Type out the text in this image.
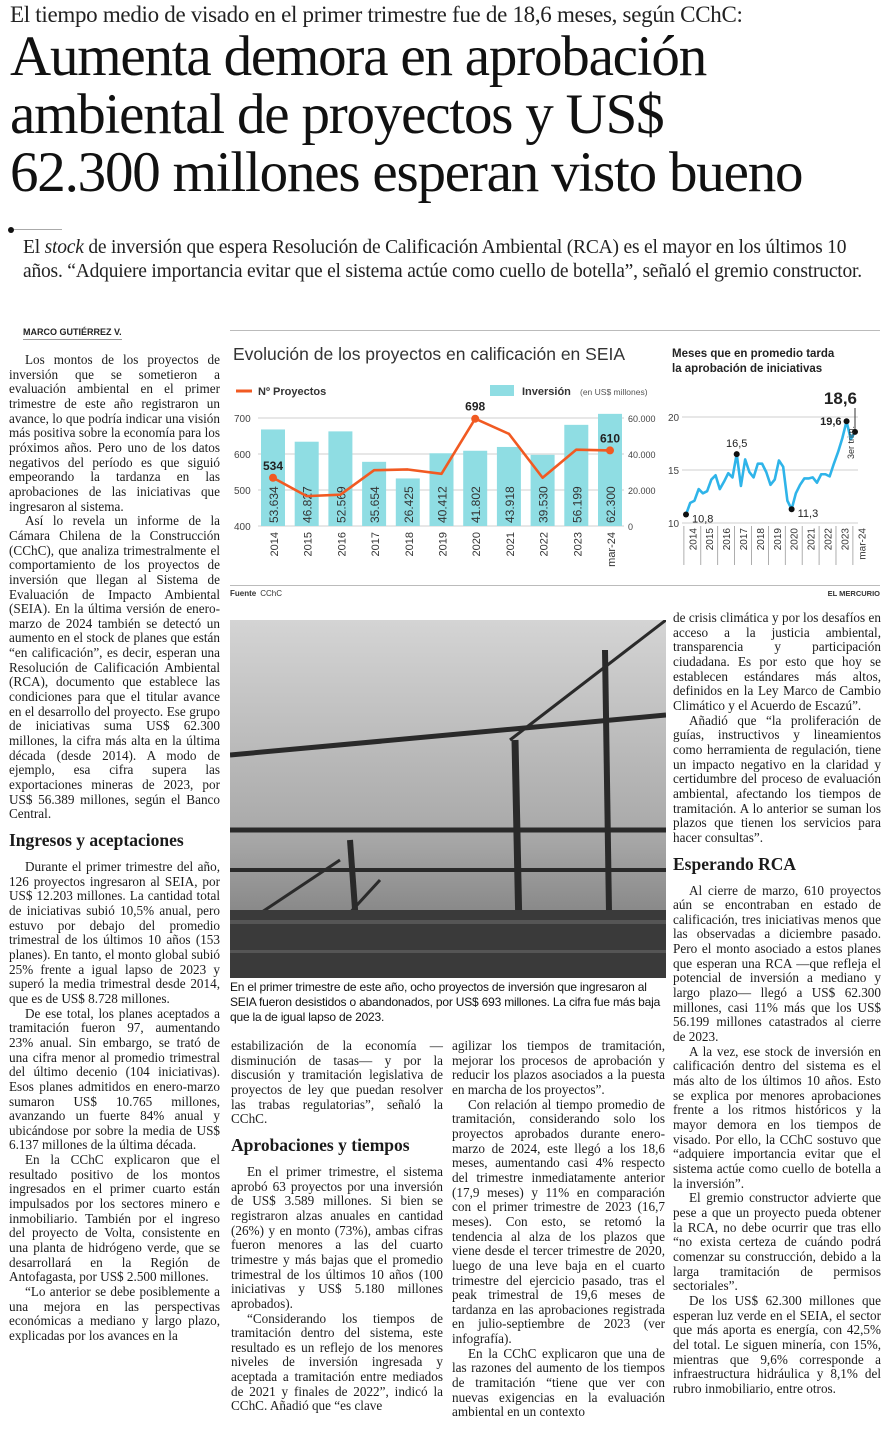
El tiempo medio de visado en el primer trimestre fue de 18,6 meses, según CChC:
Aumenta demora en aprobación
ambiental de proyectos y US$
62.300 millones esperan visto bueno
El stock de inversión que espera Resolución de Calificación Ambiental (RCA) es el mayor en los últimos 10 años. “Adquiere importancia evitar que el sistema actúe como cuello de botella”, señaló el gremio constructor.
MARCO GUTIÉRREZ V.

Los montos de los proyectos de inversión que se sometieron a evaluación ambiental en el primer trimestre de este año registraron un avance, lo que podría indicar una visión más positiva sobre la economía para los próximos años. Pero uno de los datos negativos del período es que siguió empeorando la tardanza en las aprobaciones de las iniciativas que ingresaron al sistema.

Así lo revela un informe de la Cámara Chilena de la Construcción (CChC), que analiza trimestralmente el comportamiento de los proyectos de inversión que llegan al Sistema de Evaluación de Impacto Ambiental (SEIA). En la última versión de enero-marzo de 2024 también se detectó un aumento en el stock de planes que están “en calificación”, es decir, esperan una Resolución de Calificación Ambiental (RCA), documento que establece las condiciones para que el titular avance en el desarrollo del proyecto. Ese grupo de iniciativas suma US$ 62.300 millones, la cifra más alta en la última década (desde 2014). A modo de ejemplo, esa cifra supera las exportaciones mineras de 2023, por US$ 56.389 millones, según el Banco Central.

Ingresos y aceptaciones

Durante el primer trimestre del año, 126 proyectos ingresaron al SEIA, por US$ 12.203 millones. La cantidad total de iniciativas subió 10,5% anual, pero estuvo por debajo del promedio trimestral de los últimos 10 años (153 planes). En tanto, el monto global subió 25% frente a igual lapso de 2023 y superó la media trimestral desde 2014, que es de US$ 8.728 millones.

De ese total, los planes aceptados a tramitación fueron 97, aumentando 23% anual. Sin embargo, se trató de una cifra menor al promedio trimestral del último decenio (104 iniciativas). Esos planes admitidos en enero-marzo sumaron US$ 10.765 millones, avanzando un fuerte 84% anual y ubicándose por sobre la media de US$ 6.137 millones de la última década.

En la CChC explicaron que el resultado positivo de los montos ingresados en el primer cuarto están impulsados por los sectores minero e inmobiliario. También por el ingreso del proyecto de Volta, consistente en una planta de hidrógeno verde, que se desarrollará en la Región de Antofagasta, por US$ 2.500 millones.

“Lo anterior se debe posiblemente a una mejora en las perspectivas económicas a mediano y largo plazo, explicadas por los avances en la

estabilización de la economía —disminución de tasas— y por la discusión y tramitación legislativa de proyectos de ley que puedan resolver las trabas regulatorias”, señaló la CChC.

Aprobaciones y tiempos

En el primer trimestre, el sistema aprobó 63 proyectos por una inversión de US$ 3.589 millones. Si bien se registraron alzas anuales en cantidad (26%) y en monto (73%), ambas cifras fueron menores a las del cuarto trimestre y más bajas que el promedio trimestral de los últimos 10 años (100 iniciativas y US$ 5.180 millones aprobados).

“Considerando los tiempos de tramitación dentro del sistema, este resultado es un reflejo de los menores niveles de inversión ingresada y aceptada a tramitación entre mediados de 2021 y finales de 2022”, indicó la CChC. Añadió que “es clave

agilizar los tiempos de tramitación, mejorar los procesos de aprobación y reducir los plazos asociados a la puesta en marcha de los proyectos”.

Con relación al tiempo promedio de tramitación, considerando solo los proyectos aprobados durante enero-marzo de 2024, este llegó a los 18,6 meses, aumentando casi 4% respecto del trimestre inmediatamente anterior (17,9 meses) y 11% en comparación con el primer trimestre de 2023 (16,7 meses). Con esto, se retomó la tendencia al alza de los plazos que viene desde el tercer trimestre de 2020, luego de una leve baja en el cuarto trimestre del ejercicio pasado, tras el peak trimestral de 19,6 meses de tardanza en las aprobaciones registrada en julio-septiembre de 2023 (ver infografía).

En la CChC explicaron que una de las razones del aumento de los tiempos de tramitación “tiene que ver con nuevas exigencias en la evaluación ambiental en un contexto

de crisis climática y por los desafíos en acceso a la justicia ambiental, transparencia y participación ciudadana. Es por esto que hoy se establecen estándares más altos, definidos en la Ley Marco de Cambio Climático y el Acuerdo de Escazú”.

Añadió que “la proliferación de guías, instructivos y lineamientos como herramienta de regulación, tiene un impacto negativo en la claridad y certidumbre del proceso de evaluación ambiental, afectando los tiempos de tramitación. A lo anterior se suman los plazos que tienen los servicios para hacer consultas”.

Esperando RCA

Al cierre de marzo, 610 proyectos aún se encontraban en estado de calificación, tres iniciativas menos que las observadas a diciembre pasado. Pero el monto asociado a estos planes que esperan una RCA —que refleja el potencial de inversión a mediano y largo plazo— llegó a US$ 62.300 millones, casi 11% más que los US$ 56.199 millones catastrados al cierre de 2023.

A la vez, ese stock de inversión en calificación dentro del sistema es el más alto de los últimos 10 años. Esto se explica por menores aprobaciones frente a los ritmos históricos y la mayor demora en los tiempos de visado. Por ello, la CChC sostuvo que “adquiere importancia evitar que el sistema actúe como cuello de botella a la inversión”.

El gremio constructor advierte que pese a que un proyecto pueda obtener la RCA, no debe ocurrir que tras ello “no exista certeza de cuándo podrá comenzar su construcción, debido a la larga tramitación de permisos sectoriales”.

De los US$ 62.300 millones que esperan luz verde en el SEIA, el sector que más aporta es energía, con 42,5% del total. Le siguen minería, con 15%, mientras que 9,6% corresponde a infraestructura hidráulica y 8,1% del rubro inmobiliario, entre otros.

Evolución de los proyectos en calificación en SEIA
Nº Proyectos	Inversión (en US$ millones)
400
500
600
700
0
20.000
40.000
60.000
53.634
2014
46.827
2015
52.569
2016
35.654
2017
26.425
2018
40.412
2019
41.802
2020
43.918
2021
39.530
2022
56.199
2023
62.300
mar-24
534
698
610
Meses que en promedio tarda
la aprobación de iniciativas
10
15
20
2014 2015 2016 2017 2018 2019 2020 2021 2022 2023 mar-24
10,8
16,5
11,3
19,6
18,6
3er trim.
Fuente CChC	EL MERCURIO
En el primer trimestre de este año, ocho proyectos de inversión que ingresaron al SEIA fueron desistidos o abandonados, por US$ 693 millones. La cifra fue más baja que la de igual lapso de 2023.
